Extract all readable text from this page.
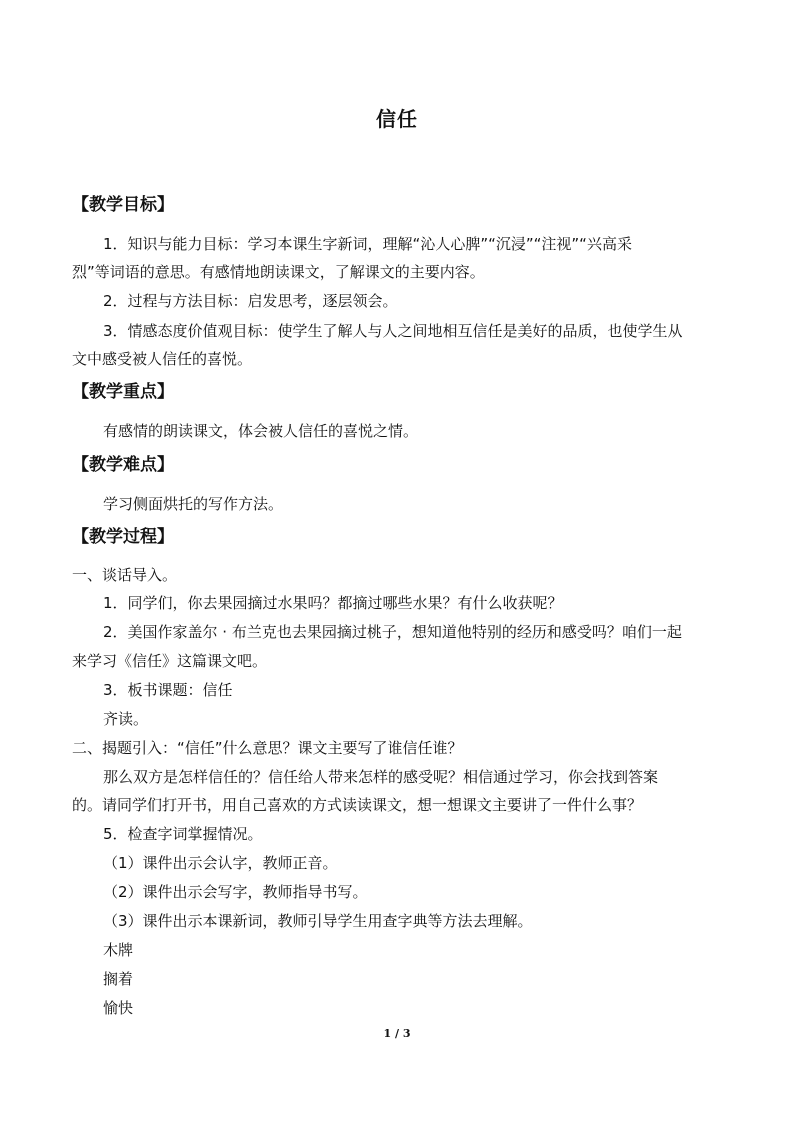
信任
【教学目标】
1．知识与能力目标：学习本课生字新词，理解“沁人心脾”“沉浸”“注视”“兴高采
烈”等词语的意思。有感情地朗读课文，了解课文的主要内容。
2．过程与方法目标：启发思考，逐层领会。
3．情感态度价值观目标：使学生了解人与人之间地相互信任是美好的品质，也使学生从
文中感受被人信任的喜悦。
【教学重点】
有感情的朗读课文，体会被人信任的喜悦之情。
【教学难点】
学习侧面烘托的写作方法。
【教学过程】
一、谈话导入。
1．同学们，你去果园摘过水果吗？都摘过哪些水果？有什么收获呢？
2．美国作家盖尔 · 布兰克也去果园摘过桃子，想知道他特别的经历和感受吗？咱们一起
来学习《信任》这篇课文吧。
3．板书课题：信任
齐读。
二、揭题引入：“信任”什么意思？课文主要写了谁信任谁？
那么双方是怎样信任的？信任给人带来怎样的感受呢？相信通过学习，你会找到答案
的。请同学们打开书，用自己喜欢的方式读读课文，想一想课文主要讲了一件什么事？
5．检查字词掌握情况。
（1）课件出示会认字，教师正音。
（2）课件出示会写字，教师指导书写。
（3）课件出示本课新词，教师引导学生用查字典等方法去理解。
木牌
搁着
愉快
1 / 3
